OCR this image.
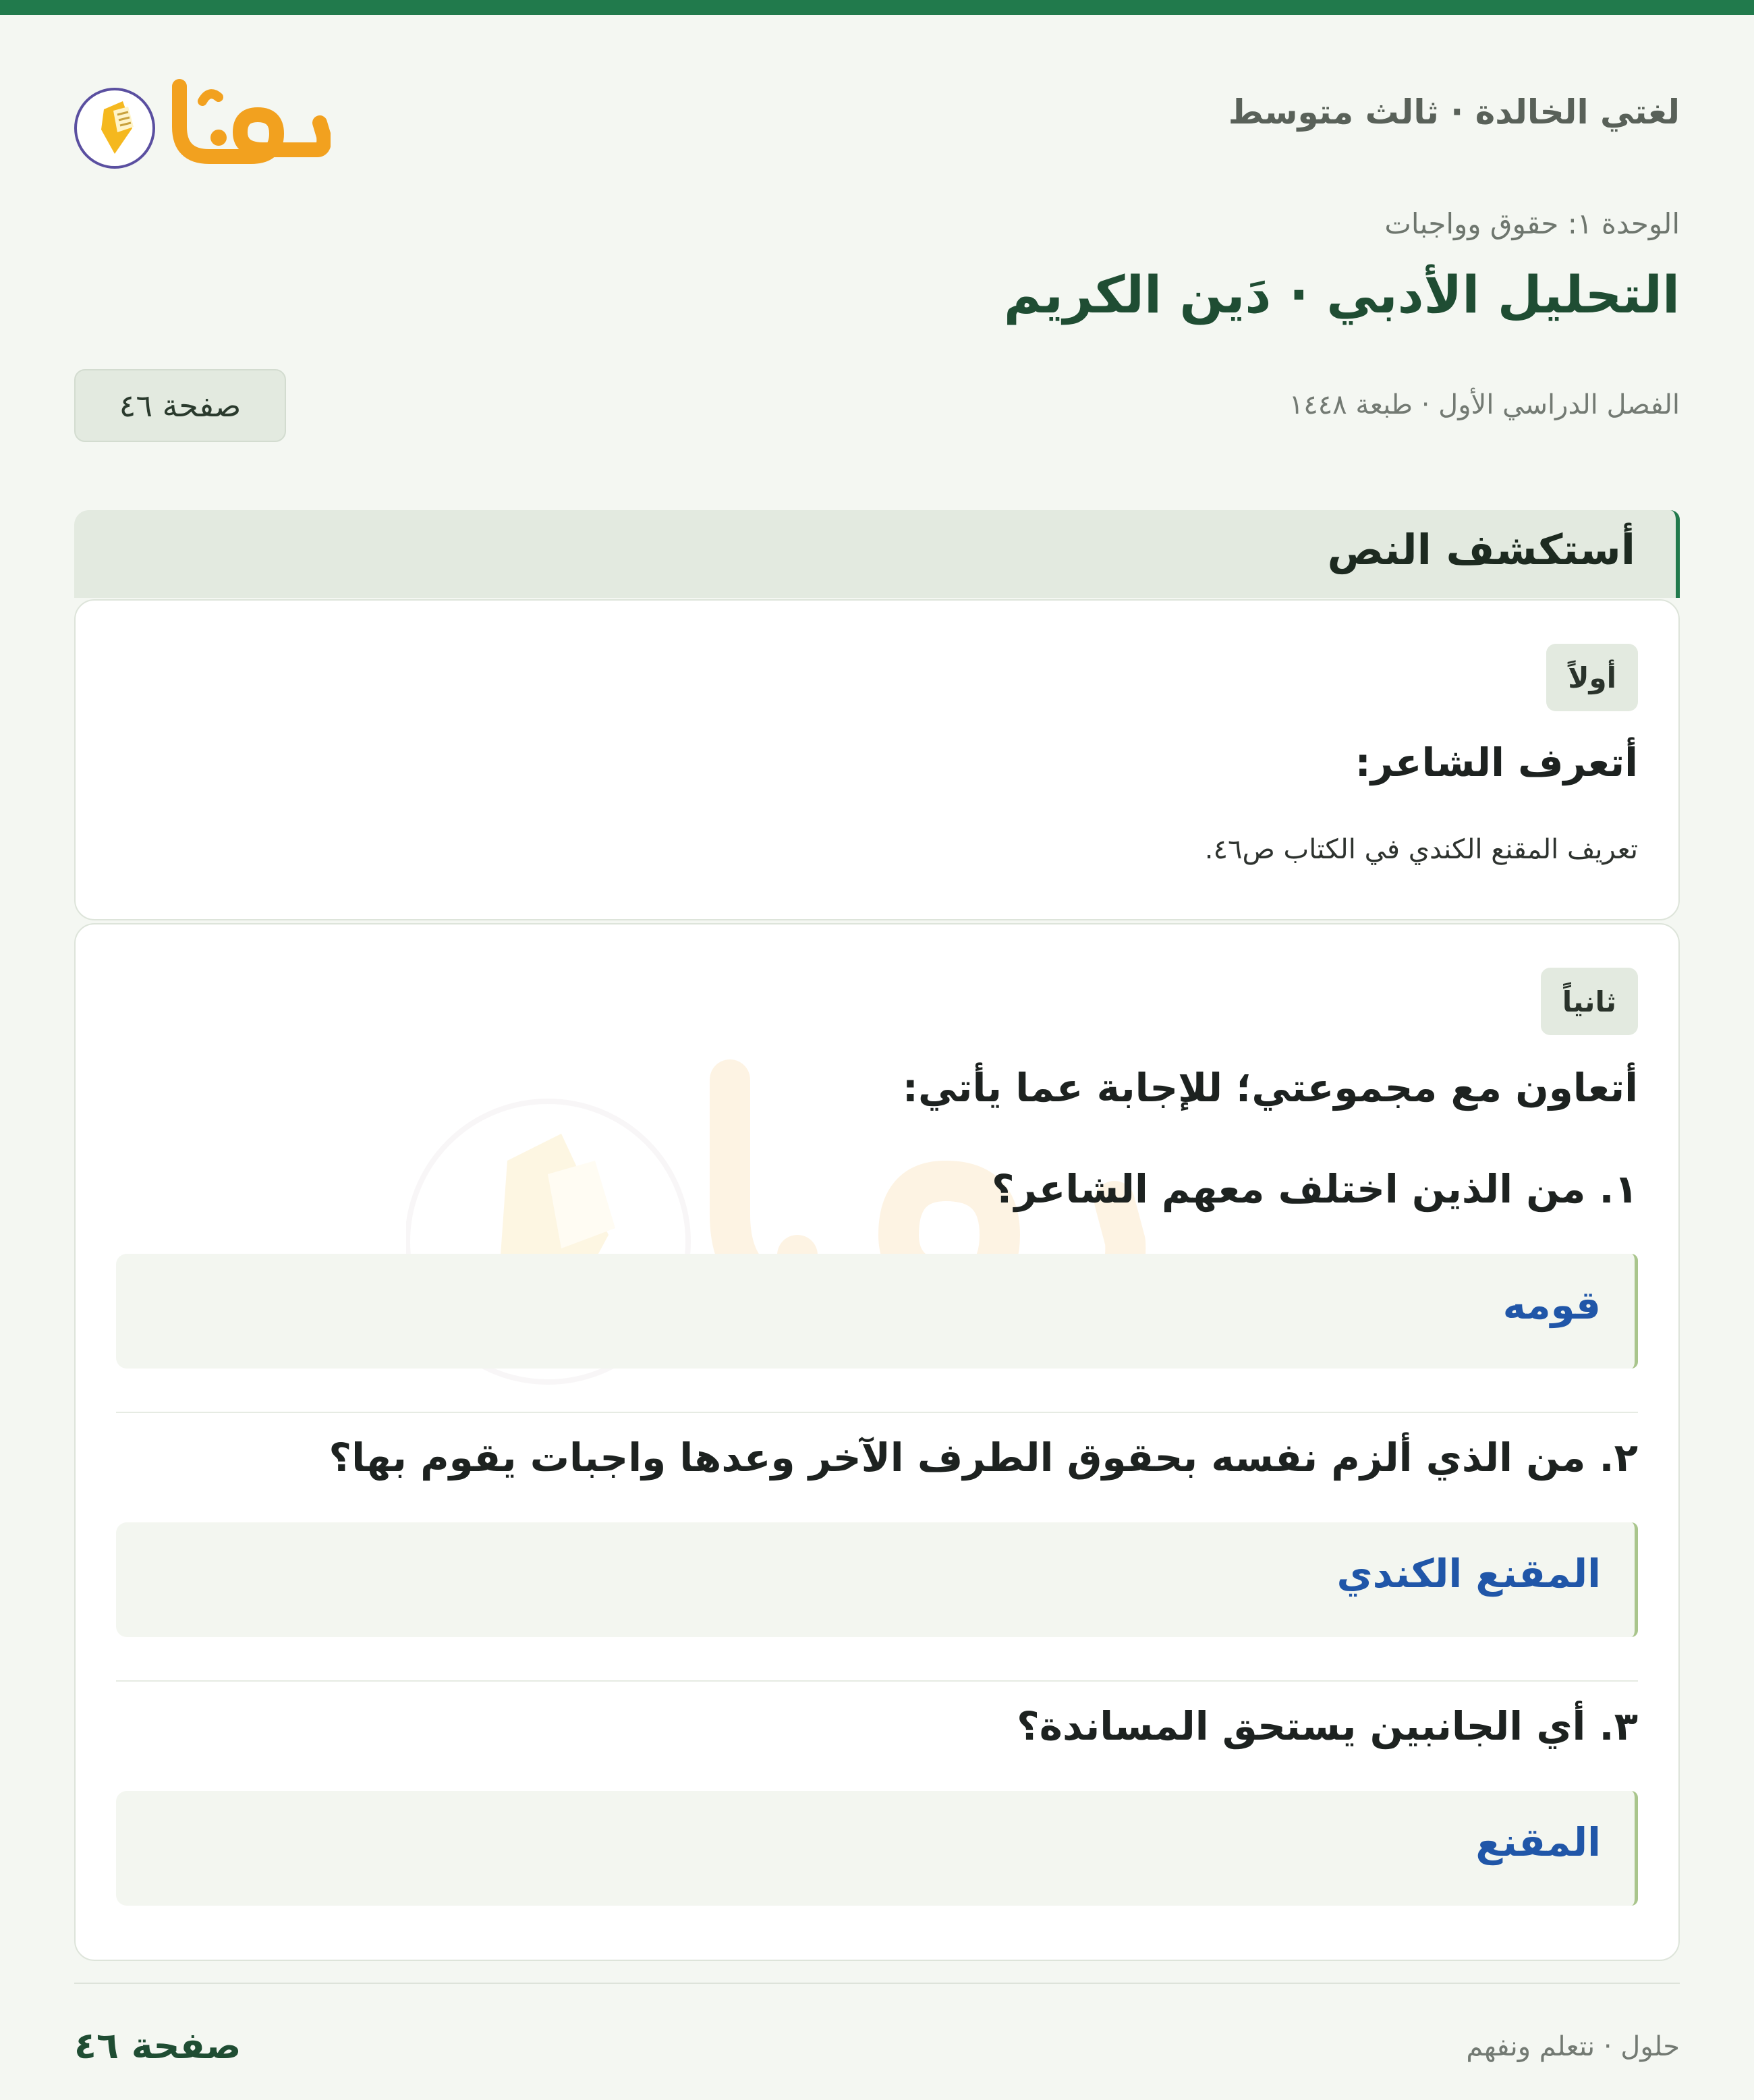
لغتي الخالدة · ثالث متوسط
الوحدة ١: حقوق وواجبات
التحليل الأدبي · دَين الكريم
الفصل الدراسي الأول · طبعة ١٤٤٨
صفحة ٤٦
أستكشف النص
أولاً
أتعرف الشاعر:
تعريف المقنع الكندي في الكتاب ص٤٦.
ثانياً
أتعاون مع مجموعتي؛ للإجابة عما يأتي:
١. من الذين اختلف معهم الشاعر؟
قومه
٢. من الذي ألزم نفسه بحقوق الطرف الآخر وعدها واجبات يقوم بها؟
المقنع الكندي
٣. أي الجانبين يستحق المساندة؟
المقنع
صفحة ٤٦	حلول · نتعلم ونفهم
